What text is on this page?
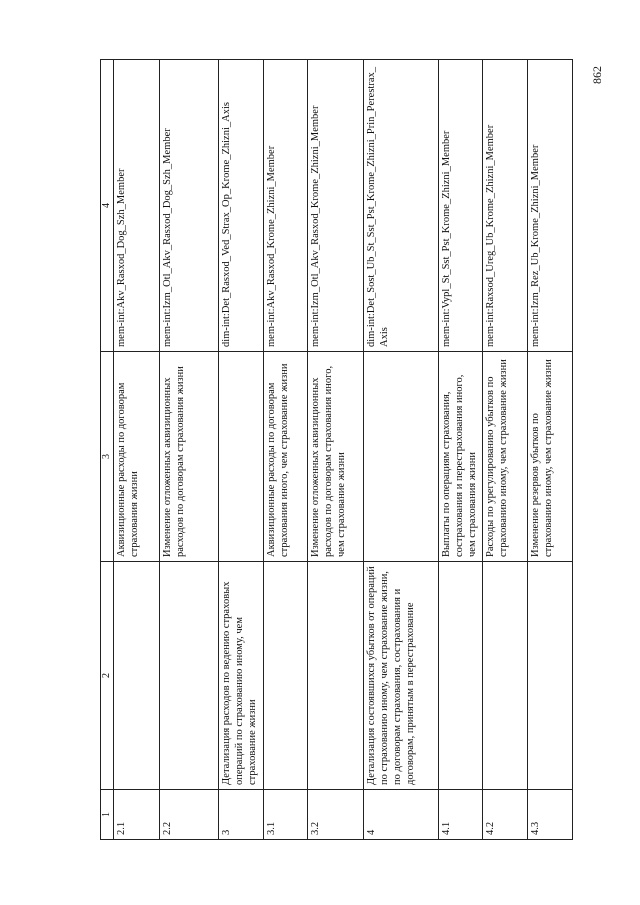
862
1	2	3	4
2.1		Аквизиционные расходы по договорам страхования жизни	mem-int:Akv_Rasxod_Dog_Szh_Member
2.2		Изменение отложенных аквизиционных расходов по договорам страхования жизни	mem-int:Izm_Otl_Akv_Rasxod_Dog_Szh_Member
3	Детализация расходов по ведению страховых операций по страхованию иному, чем страхование жизни		dim-int:Det_Rasxod_Ved_Strax_Op_Krome_Zhizni_Axis
3.1		Аквизиционные расходы по договорам страхования иного, чем страхование жизни	mem-int:Akv_Rasxod_Krome_Zhizni_Member
3.2		Изменение отложенных аквизиционных расходов по договорам страхования иного, чем страхование жизни	mem-int:Izm_Otl_Akv_Rasxod_Krome_Zhizni_Member
4	Детализация состоявшихся убытков от операций по страхованию иному, чем страхование жизни, по договорам страхования, сострахования и договорам, принятым в перестрахование		dim-int:Det_Sost_Ub_St_Sst_Pst_Krome_Zhizni_Prin_Perestrax_Axis
4.1		Выплаты по операциям страхования, сострахования и перестрахования иного, чем страхования жизни	mem-int:Vypl_St_Sst_Pst_Krome_Zhizni_Member
4.2		Расходы по урегулированию убытков по страхованию иному, чем страхование жизни	mem-int:Raxsod_Ureg_Ub_Krome_Zhizni_Member
4.3		Изменение резервов убытков по страхованию иному, чем страхование жизни	mem-int:Izm_Rez_Ub_Krome_Zhizni_Member
